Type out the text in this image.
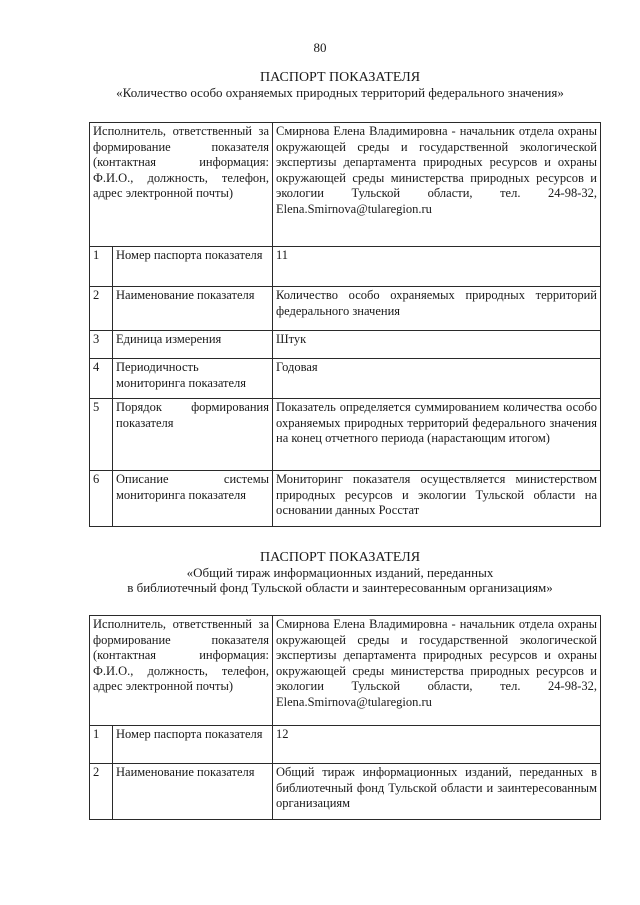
80
ПАСПОРТ ПОКАЗАТЕЛЯ
«Количество особо охраняемых природных территорий федерального значения»
Исполнитель, ответственный за формирование показателя (контактная информация: Ф.И.О., должность, телефон, адрес электронной почты)		Смирнова Елена Владимировна - начальник отдела охраны окружающей среды и государственной экологической экспертизы департамента природных ресурсов и охраны окружающей среды министерства природных ресурсов и экологии Тульской области, тел. 24-98-32, Elena.Smirnova@tularegion.ru
1	Номер паспорта показателя	11
2	Наименование показателя	Количество особо охраняемых природных территорий федерального значения
3	Единица измерения	Штук
4	Периодичность мониторинга показателя	Годовая
5	Порядок формирования показателя	Показатель определяется суммированием количества особо охраняемых природных территорий федерального значения на конец отчетного периода (нарастающим итогом)
6	Описание системы мониторинга показателя	Мониторинг показателя осуществляется министерством природных ресурсов и экологии Тульской области на основании данных Росстат
ПАСПОРТ ПОКАЗАТЕЛЯ
«Общий тираж информационных изданий, переданных
в библиотечный фонд Тульской области и заинтересованным организациям»
Исполнитель, ответственный за формирование показателя (контактная информация: Ф.И.О., должность, телефон, адрес электронной почты)		Смирнова Елена Владимировна - начальник отдела охраны окружающей среды и государственной экологической экспертизы департамента природных ресурсов и охраны окружающей среды министерства природных ресурсов и экологии Тульской области, тел. 24-98-32, Elena.Smirnova@tularegion.ru
1	Номер паспорта показателя	12
2	Наименование показателя	Общий тираж информационных изданий, переданных в библиотечный фонд Тульской области и заинтересованным организациям
